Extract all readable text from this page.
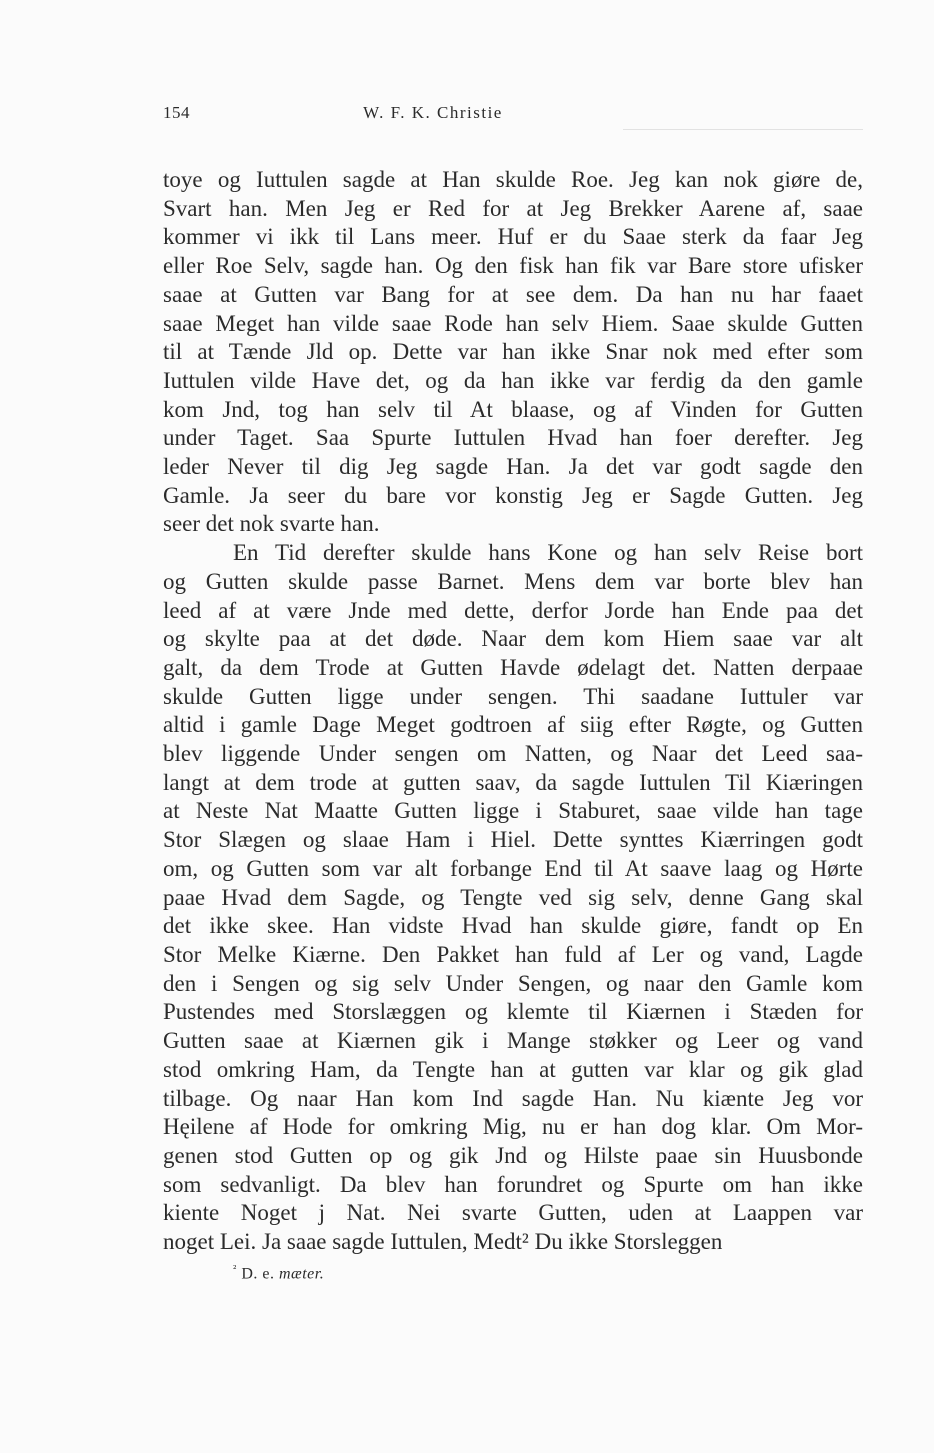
154	W. F. K. Christie
toye og Iuttulen sagde at Han skulde Roe. Jeg kan nok giøre de,
Svart han. Men Jeg er Red for at Jeg Brekker Aarene af, saae
kommer vi ikk til Lans meer. Huf er du Saae sterk da faar Jeg
eller Roe Selv, sagde han. Og den fisk han fik var Bare store ufisker
saae at Gutten var Bang for at see dem. Da han nu har faaet
saae Meget han vilde saae Rode han selv Hiem. Saae skulde Gutten
til at Tænde Jld op. Dette var han ikke Snar nok med efter som
Iuttulen vilde Have det, og da han ikke var ferdig da den gamle
kom Jnd, tog han selv til At blaase, og af Vinden for Gutten
under Taget. Saa Spurte Iuttulen Hvad han foer derefter. Jeg
leder Never til dig Jeg sagde Han. Ja det var godt sagde den
Gamle. Ja seer du bare vor konstig Jeg er Sagde Gutten. Jeg
seer det nok svarte han.
En Tid derefter skulde hans Kone og han selv Reise bort
og Gutten skulde passe Barnet. Mens dem var borte blev han
leed af at være Jnde med dette, derfor Jorde han Ende paa det
og skylte paa at det døde. Naar dem kom Hiem saae var alt
galt, da dem Trode at Gutten Havde ødelagt det. Natten derpaae
skulde Gutten ligge under sengen. Thi saadane Iuttuler var
altid i gamle Dage Meget godtroen af siig efter Røgte, og Gutten
blev liggende Under sengen om Natten, og Naar det Leed saa-
langt at dem trode at gutten saav, da sagde Iuttulen Til Kiæringen
at Neste Nat Maatte Gutten ligge i Staburet, saae vilde han tage
Stor Slægen og slaae Ham i Hiel. Dette synttes Kiærringen godt
om, og Gutten som var alt forbange End til At saave laag og Hørte
paae Hvad dem Sagde, og Tengte ved sig selv, denne Gang skal
det ikke skee. Han vidste Hvad han skulde giøre, fandt op En
Stor Melke Kiærne. Den Pakket han fuld af Ler og vand, Lagde
den i Sengen og sig selv Under Sengen, og naar den Gamle kom
Pustendes med Storslæggen og klemte til Kiærnen i Stæden for
Gutten saae at Kiærnen gik i Mange støkker og Leer og vand
stod omkring Ham, da Tengte han at gutten var klar og gik glad
tilbage. Og naar Han kom Ind sagde Han. Nu kiænte Jeg vor
Hęilene af Hode for omkring Mig, nu er han dog klar. Om Mor-
genen stod Gutten op og gik Jnd og Hilste paae sin Huusbonde
som sedvanligt. Da blev han forundret og Spurte om han ikke
kiente Noget j Nat. Nei svarte Gutten, uden at Laappen var
noget Lei. Ja saae sagde Iuttulen, Medt² Du ikke Storsleggen
$^{^2}$ D. e. mæter.
